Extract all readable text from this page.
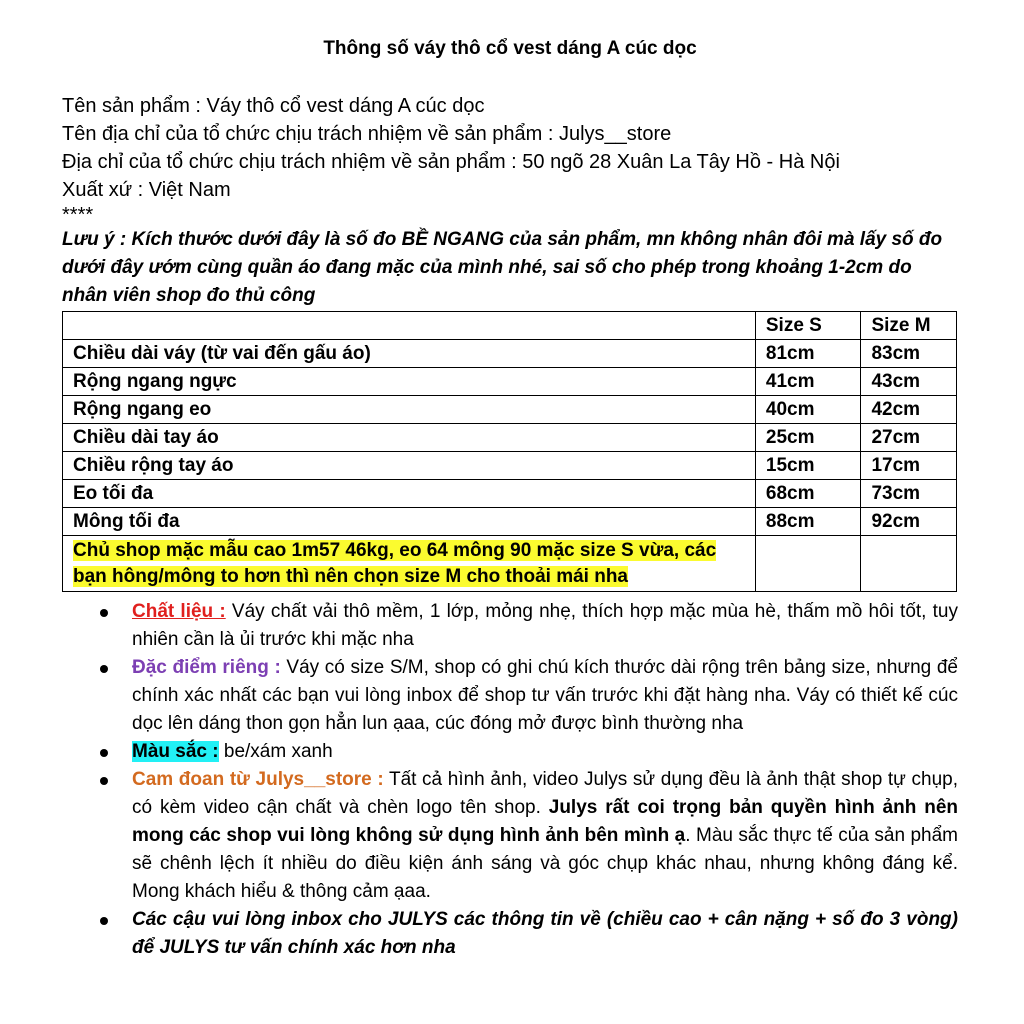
Thông số váy thô cổ vest dáng A cúc dọc

Tên sản phẩm : Váy thô cổ vest dáng A cúc dọc

Tên địa chỉ của tổ chức chịu trách nhiệm về sản phẩm : Julys__store

Địa chỉ của tổ chức chịu trách nhiệm về sản phẩm : 50 ngõ 28 Xuân La Tây Hồ - Hà Nội

Xuất xứ : Việt Nam

****

Lưu ý : Kích thước dưới đây là số đo BỀ NGANG của sản phẩm, mn không nhân đôi mà lấy số đo dưới đây ướm cùng quần áo đang mặc của mình nhé, sai số cho phép trong khoảng 1-2cm do nhân viên shop đo thủ công

	Size S	Size M
Chiều dài váy (từ vai đến gấu áo)	81cm	83cm
Rộng ngang ngực	41cm	43cm
Rộng ngang eo	40cm	42cm
Chiều dài tay áo	25cm	27cm
Chiều rộng tay áo	15cm	17cm
Eo tối đa	68cm	73cm
Mông tối đa	88cm	92cm
Chủ shop mặc mẫu cao 1m57 46kg, eo 64 mông 90 mặc size S vừa, các bạn hông/mông to hơn thì nên chọn size M cho thoải mái nha		
Chất liệu : Váy chất vải thô mềm, 1 lớp, mỏng nhẹ, thích hợp mặc mùa hè, thấm mồ hôi tốt, tuy nhiên cần là ủi trước khi mặc nha
Đặc điểm riêng : Váy có size S/M, shop có ghi chú kích thước dài rộng trên bảng size, nhưng để chính xác nhất các bạn vui lòng inbox để shop tư vấn trước khi đặt hàng nha. Váy có thiết kế cúc dọc lên dáng thon gọn hẳn lun ạaa, cúc đóng mở được bình thường nha
Màu sắc : be/xám xanh
Cam đoan từ Julys__store : Tất cả hình ảnh, video Julys sử dụng đều là ảnh thật shop tự chụp, có kèm video cận chất và chèn logo tên shop. Julys rất coi trọng bản quyền hình ảnh nên mong các shop vui lòng không sử dụng hình ảnh bên mình ạ. Màu sắc thực tế của sản phẩm sẽ chênh lệch ít nhiều do điều kiện ánh sáng và góc chụp khác nhau, nhưng không đáng kể. Mong khách hiểu & thông cảm ạaa.
Các cậu vui lòng inbox cho JULYS các thông tin về (chiều cao + cân nặng + số đo 3 vòng) để JULYS tư vấn chính xác hơn nha
